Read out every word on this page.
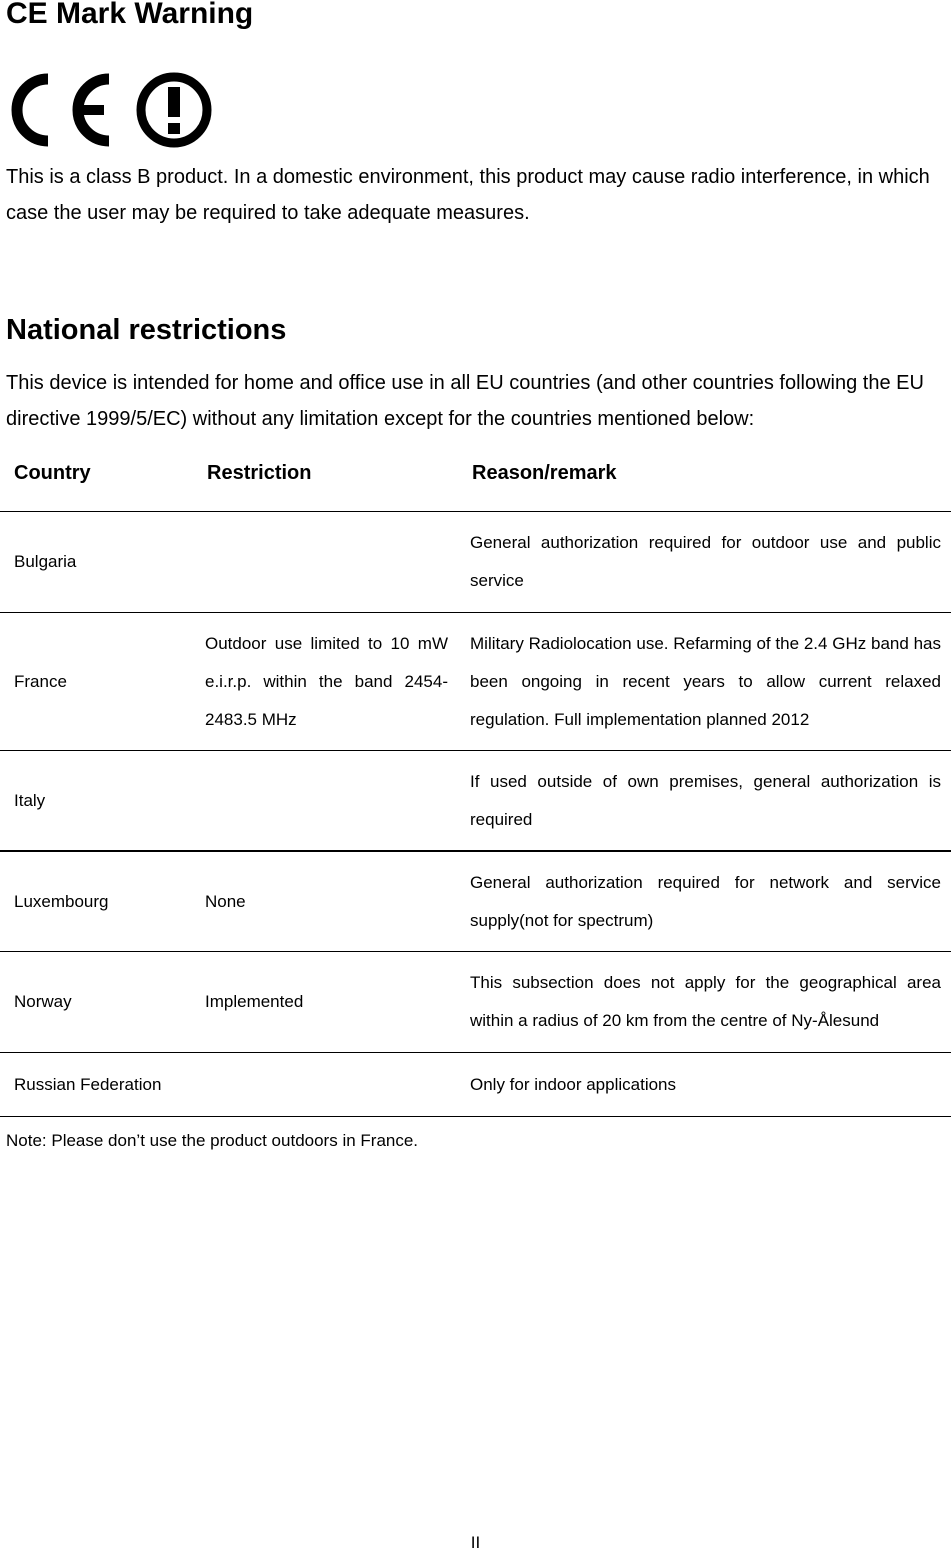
CE Mark Warning

This is a class B product. In a domestic environment, this product may cause radio interference, in which case the user may be required to take adequate measures.

National restrictions

This device is intended for home and office use in all EU countries (and other countries following the EU directive 1999/5/EC) without any limitation except for the countries mentioned below:

Country	Restriction	Reason/remark
Bulgaria		General authorization required for outdoor use and public service
France	Outdoor use limited to 10 mW e.i.r.p. within the band 2454-2483.5 MHz	Military Radiolocation use. Refarming of the 2.4 GHz band has been ongoing in recent years to allow current relaxed regulation. Full implementation planned 2012
Italy		If used outside of own premises, general authorization is required
Luxembourg	None	General authorization required for network and service supply(not for spectrum)
Norway	Implemented	This subsection does not apply for the geographical area within a radius of 20 km from the centre of Ny-Ålesund
Russian Federation		Only for indoor applications

Note: Please don’t use the product outdoors in France.

II
